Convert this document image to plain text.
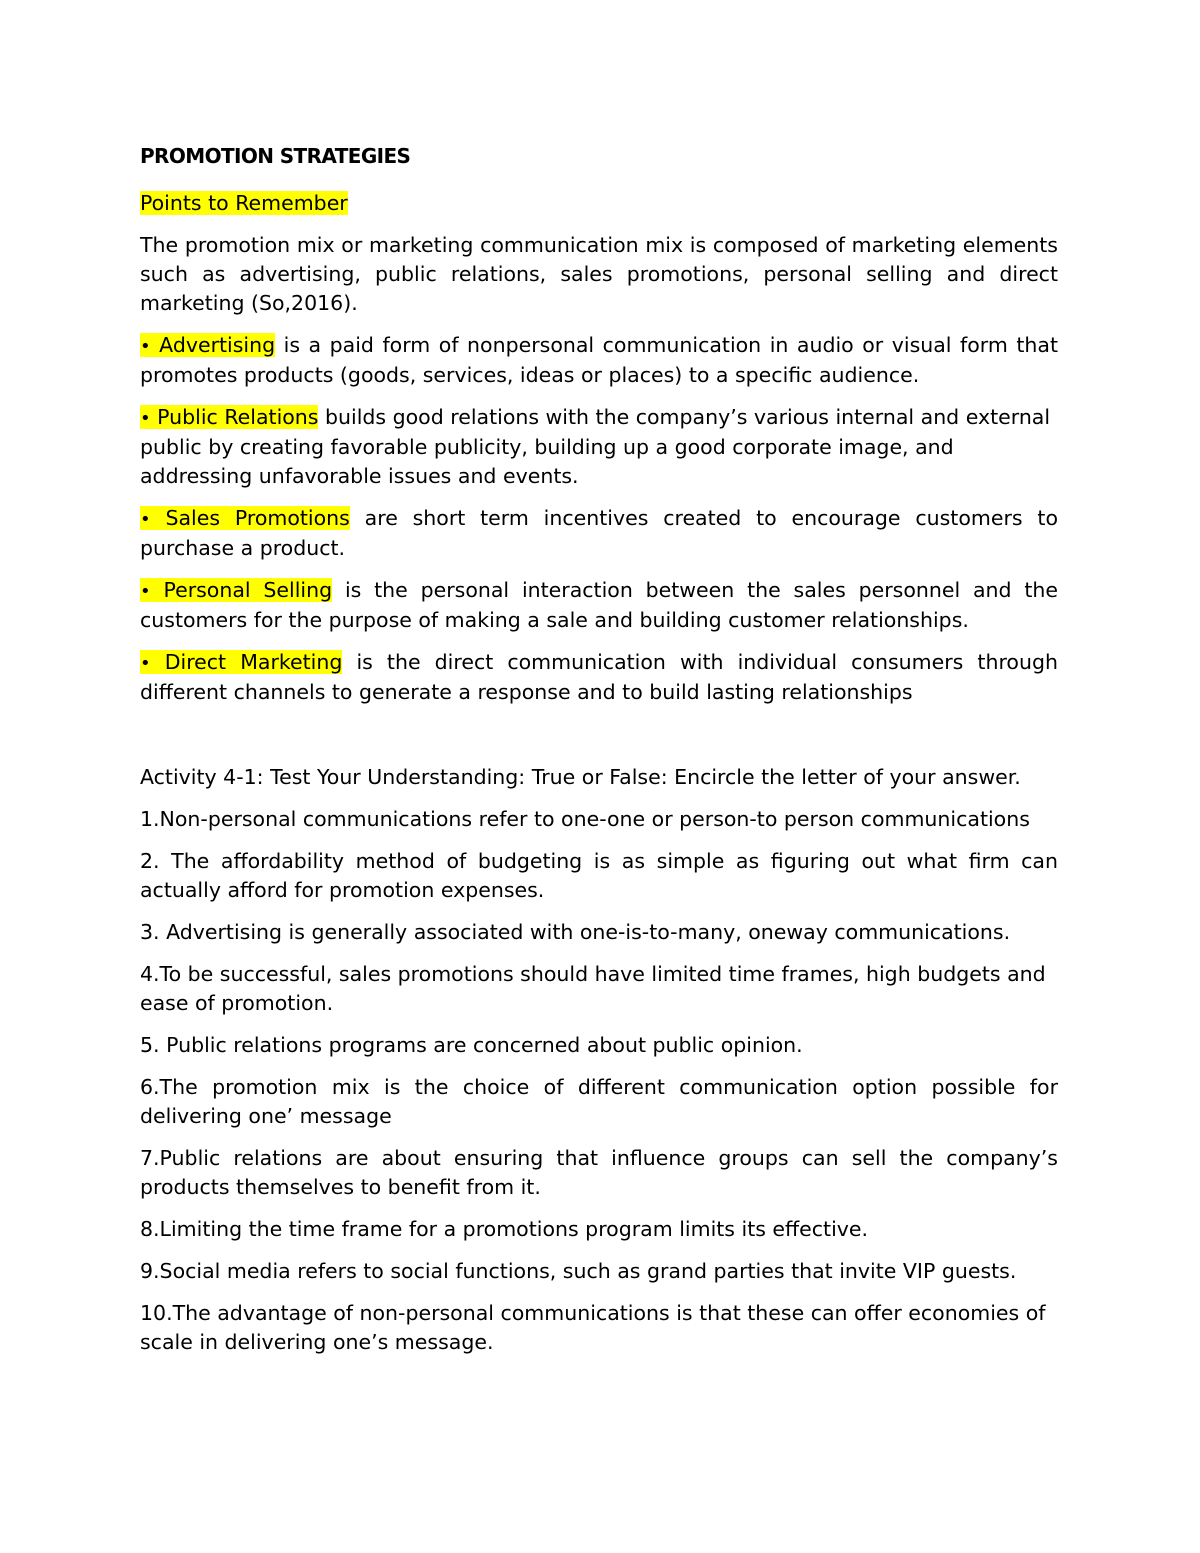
PROMOTION STRATEGIES

Points to Remember

The promotion mix or marketing communication mix is composed of marketing elements such as advertising, public relations, sales promotions, personal selling and direct marketing (So,2016).

• Advertising is a paid form of nonpersonal communication in audio or visual form that promotes products (goods, services, ideas or places) to a specific audience.

• Public Relations builds good relations with the company’s various internal and external public by creating favorable publicity, building up a good corporate image, and addressing unfavorable issues and events.

• Sales Promotions are short term incentives created to encourage customers to purchase a product.

• Personal Selling is the personal interaction between the sales personnel and the customers for the purpose of making a sale and building customer relationships.

• Direct Marketing is the direct communication with individual consumers through different channels to generate a response and to build lasting relationships

Activity 4-1: Test Your Understanding: True or False: Encircle the letter of your answer.

1.Non-personal communications refer to one-one or person-to person communications

2. The affordability method of budgeting is as simple as figuring out what firm can actually afford for promotion expenses.

3. Advertising is generally associated with one-is-to-many, oneway communications.

4.To be successful, sales promotions should have limited time frames, high budgets and ease of promotion.

5. Public relations programs are concerned about public opinion.

6.The promotion mix is the choice of different communication option possible for delivering one’ message

7.Public relations are about ensuring that influence groups can sell the company’s products themselves to benefit from it.

8.Limiting the time frame for a promotions program limits its effective.

9.Social media refers to social functions, such as grand parties that invite VIP guests.

10.The advantage of non-personal communications is that these can offer economies of scale in delivering one’s message.
